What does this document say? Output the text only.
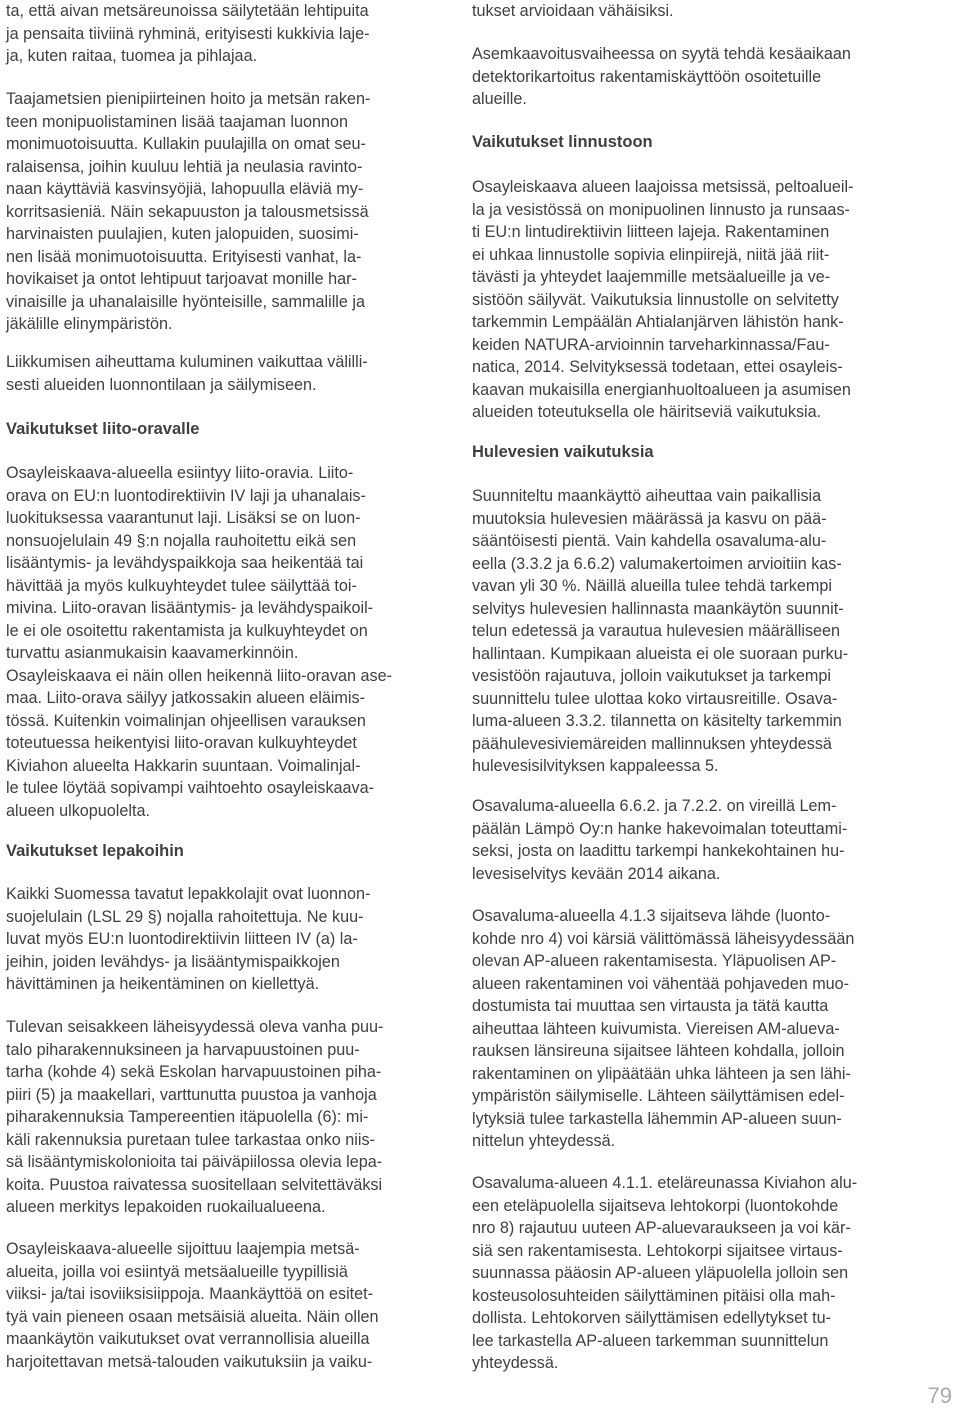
ta, että aivan metsäreunoissa säilytetään lehtipuita
ja pensaita tiiviinä ryhminä, erityisesti kukkivia laje-
ja, kuten raitaa, tuomea ja pihlajaa.

Taajametsien pienipiirteinen hoito ja metsän raken-
teen monipuolistaminen lisää taajaman luonnon
monimuotoisuutta. Kullakin puulajilla on omat seu-
ralaisensa, joihin kuuluu lehtiä ja neulasia ravinto-
naan käyttäviä kasvinsyöjiä, lahopuulla eläviä my-
korritsasieniä. Näin sekapuuston ja talousmetsissä
harvinaisten puulajien, kuten jalopuiden, suosimi-
nen lisää monimuotoisuutta. Erityisesti vanhat, la-
hovikaiset ja ontot lehtipuut tarjoavat monille har-
vinaisille ja uhanalaisille hyönteisille, sammalille ja
jäkälille elinympäristön.

Liikkumisen aiheuttama kuluminen vaikuttaa välilli-
sesti alueiden luonnontilaan ja säilymiseen.

Vaikutukset liito-oravalle

Osayleiskaava-alueella esiintyy liito-oravia. Liito-
orava on EU:n luontodirektiivin IV laji ja uhanalais-
luokituksessa vaarantunut laji. Lisäksi se on luon-
nonsuojelulain 49 §:n nojalla rauhoitettu eikä sen
lisääntymis- ja levähdyspaikkoja saa heikentää tai
hävittää ja myös kulkuyhteydet tulee säilyttää toi-
mivina. Liito-oravan lisääntymis- ja levähdyspaikoil-
le ei ole osoitettu rakentamista ja kulkuyhteydet on
turvattu asianmukaisin kaavamerkinnöin.
Osayleiskaava ei näin ollen heikennä liito-oravan ase-
maa. Liito-orava säilyy jatkossakin alueen eläimis-
tössä. Kuitenkin voimalinjan ohjeellisen varauksen
toteutuessa heikentyisi liito-oravan kulkuyhteydet
Kiviahon alueelta Hakkarin suuntaan. Voimalinjal-
le tulee löytää sopivampi vaihtoehto osayleiskaava-
alueen ulkopuolelta.

Vaikutukset lepakoihin

Kaikki Suomessa tavatut lepakkolajit ovat luonnon-
suojelulain (LSL 29 §) nojalla rahoitettuja. Ne kuu-
luvat myös EU:n luontodirektiivin liitteen IV (a) la-
jeihin, joiden levähdys- ja lisääntymispaikkojen
hävittäminen ja heikentäminen on kiellettyä.

Tulevan seisakkeen läheisyydessä oleva vanha puu-
talo piharakennuksineen ja harvapuustoinen puu-
tarha (kohde 4) sekä Eskolan harvapuustoinen piha-
piiri (5) ja maakellari, varttunutta puustoa ja vanhoja
piharakennuksia Tampereentien itäpuolella (6): mi-
käli rakennuksia puretaan tulee tarkastaa onko niis-
sä lisääntymiskolonioita tai päiväpiilossa olevia lepa-
koita. Puustoa raivatessa suositellaan selvitettäväksi
alueen merkitys lepakoiden ruokailualueena.

Osayleiskaava-alueelle sijoittuu laajempia metsä-
alueita, joilla voi esiintyä metsäalueille tyypillisiä
viiksi- ja/tai isoviiksisiippoja. Maankäyttöä on esitet-
tyä vain pieneen osaan metsäisiä alueita. Näin ollen
maankäytön vaikutukset ovat verrannollisia alueilla
harjoitettavan metsä-talouden vaikutuksiin ja vaiku-

tukset arvioidaan vähäisiksi.

Asemkaavoitusvaiheessa on syytä tehdä kesäaikaan
detektorikartoitus rakentamiskäyttöön osoitetuille
alueille.

Vaikutukset linnustoon

Osayleiskaava alueen laajoissa metsissä, peltoalueil-
la ja vesistössä on monipuolinen linnusto ja runsaas-
ti EU:n lintudirektiivin liitteen lajeja. Rakentaminen
ei uhkaa linnustolle sopivia elinpiirejä, niitä jää riit-
tävästi ja yhteydet laajemmille metsäalueille ja ve-
sistöön säilyvät. Vaikutuksia linnustolle on selvitetty
tarkemmin Lempäälän Ahtialanjärven lähistön hank-
keiden NATURA-arvioinnin tarveharkinnassa/Fau-
natica, 2014. Selvityksessä todetaan, ettei osayleis-
kaavan mukaisilla energianhuoltoalueen ja asumisen
alueiden toteutuksella ole häiritseviä vaikutuksia.

Hulevesien vaikutuksia

Suunniteltu maankäyttö aiheuttaa vain paikallisia
muutoksia hulevesien määrässä ja kasvu on pää-
sääntöisesti pientä. Vain kahdella osavaluma-alu-
eella (3.3.2 ja 6.6.2) valumakertoimen arvioitiin kas-
vavan yli 30 %. Näillä alueilla tulee tehdä tarkempi
selvitys hulevesien hallinnasta maankäytön suunnit-
telun edetessä ja varautua hulevesien määrälliseen
hallintaan. Kumpikaan alueista ei ole suoraan purku-
vesistöön rajautuva, jolloin vaikutukset ja tarkempi
suunnittelu tulee ulottaa koko virtausreitille. Osava-
luma-alueen 3.3.2. tilannetta on käsitelty tarkemmin
päähulevesiviemäreiden mallinnuksen yhteydessä
hulevesisilvityksen kappaleessa 5.

Osavaluma-alueella 6.6.2. ja 7.2.2. on vireillä Lem-
päälän Lämpö Oy:n hanke hakevoimalan toteuttami-
seksi, josta on laadittu tarkempi hankekohtainen hu-
levesiselvitys kevään 2014 aikana.

Osavaluma-alueella 4.1.3 sijaitseva lähde (luonto-
kohde nro 4) voi kärsiä välittömässä läheisyydessään
olevan AP-alueen rakentamisesta. Yläpuolisen AP-
alueen rakentaminen voi vähentää pohjaveden muo-
dostumista tai muuttaa sen virtausta ja tätä kautta
aiheuttaa lähteen kuivumista. Viereisen AM-alueva-
rauksen länsireuna sijaitsee lähteen kohdalla, jolloin
rakentaminen on ylipäätään uhka lähteen ja sen lähi-
ympäristön säilymiselle. Lähteen säilyttämisen edel-
lytyksiä tulee tarkastella lähemmin AP-alueen suun-
nittelun yhteydessä.

Osavaluma-alueen 4.1.1. eteläreunassa Kiviahon alu-
een eteläpuolella sijaitseva lehtokorpi (luontokohde
nro 8) rajautuu uuteen AP-aluevaraukseen ja voi kär-
siä sen rakentamisesta. Lehtokorpi sijaitsee virtaus-
suunnassa pääosin AP-alueen yläpuolella jolloin sen
kosteusolosuhteiden säilyttäminen pitäisi olla mah-
dollista. Lehtokorven säilyttämisen edellytykset tu-
lee tarkastella AP-alueen tarkemman suunnittelun
yhteydessä.

79
